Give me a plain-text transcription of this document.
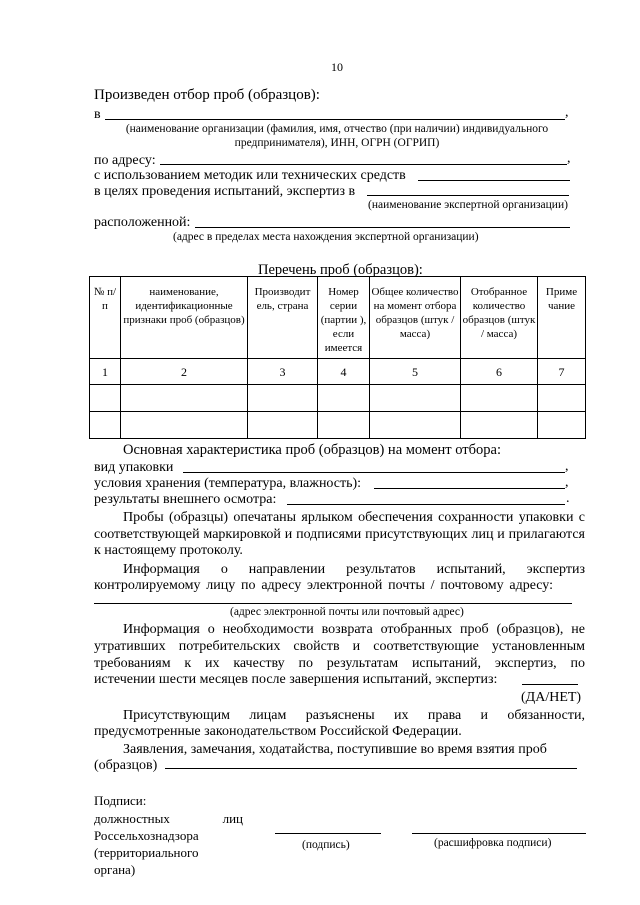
10
Произведен отбор проб (образцов):
в	,
(наименование организации (фамилия, имя, отчество (при наличии) индивидуального
предпринимателя), ИНН, ОГРН (ОГРИП)
по адресу:	,
с использованием методик или технических средств
в целях проведения испытаний, экспертиз в
(наименование экспертной организации)
расположенной:
(адрес в пределах места нахождения экспертной организации)
Перечень проб (образцов):
№ п/п	наименование, идентификационные признаки проб (образцов)	Производит ель, страна	Номер серии (партии ), если имеется	Общее количество на момент отбора образцов (штук / масса)	Отобранное количество образцов (штук / масса)	Приме чание
1	2	3	4	5	6	7

Основная характеристика проб (образцов) на момент отбора:
вид упаковки	,
условия хранения (температура, влажность):	,
результаты внешнего осмотра:	.
Пробы (образцы) опечатаны ярлыком обеспечения сохранности упаковки с
соответствующей маркировкой и подписями присутствующих лиц и прилагаются
к настоящему протоколу.
Информация о направлении результатов испытаний, экспертиз
контролируемому лицу по адресу электронной почты / почтовому адресу:
(адрес электронной почты или почтовый адрес)
Информация о необходимости возврата отобранных проб (образцов), не
утративших потребительских свойств и соответствующие установленным
требованиям к их качеству по результатам испытаний, экспертиз, по
истечении шести месяцев после завершения испытаний, экспертиз:
(ДА/НЕТ)
Присутствующим лицам разъяснены их права и обязанности,
предусмотренные законодательством Российской Федерации.
Заявления, замечания, ходатайства, поступившие во время взятия проб
(образцов)
Подписи:
должностных лиц
Россельхознадзора
(территориального
органа)
(подпись)	(расшифровка подписи)
